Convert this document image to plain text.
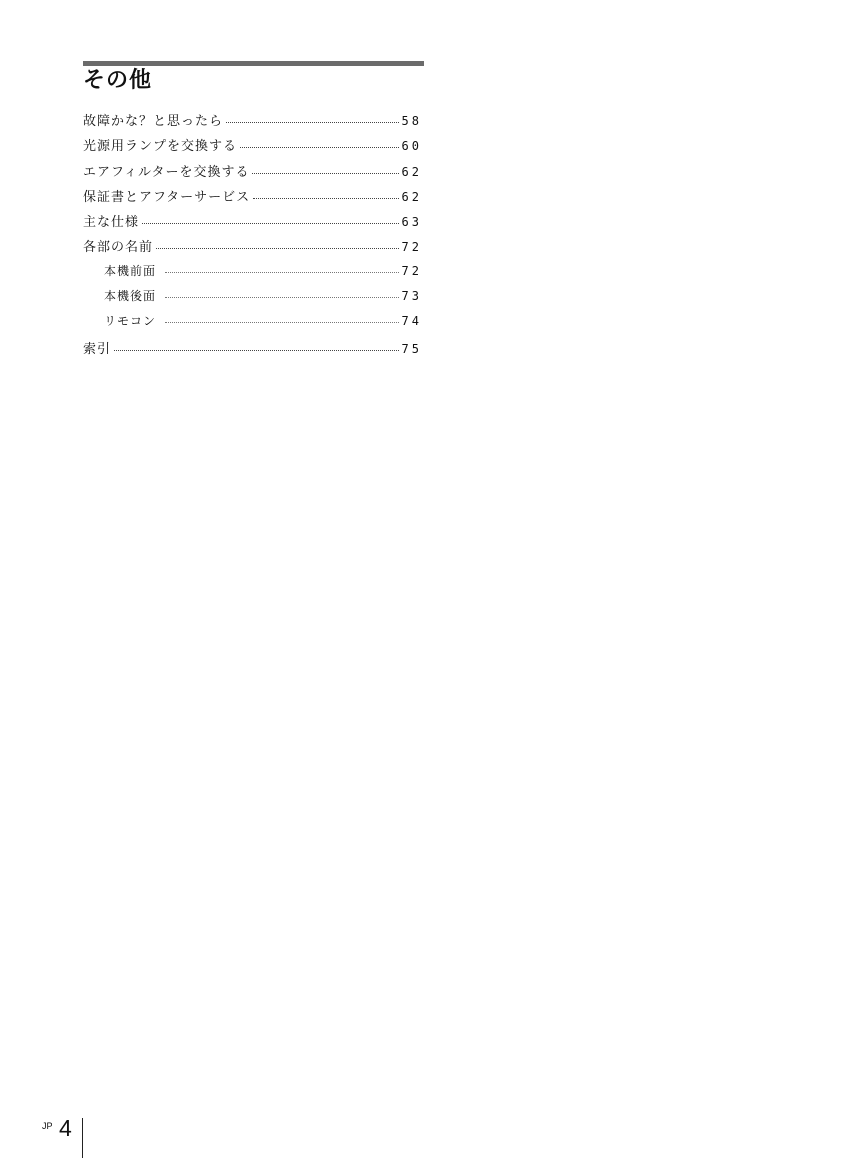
その他
故障かな？と思ったら	58
光源用ランプを交換する	60
エアフィルターを交換する	62
保証書とアフターサービス	62
主な仕様	63
各部の名前	72
本機前面	72
本機後面	73
リモコン	74
索引	75
JP 4
